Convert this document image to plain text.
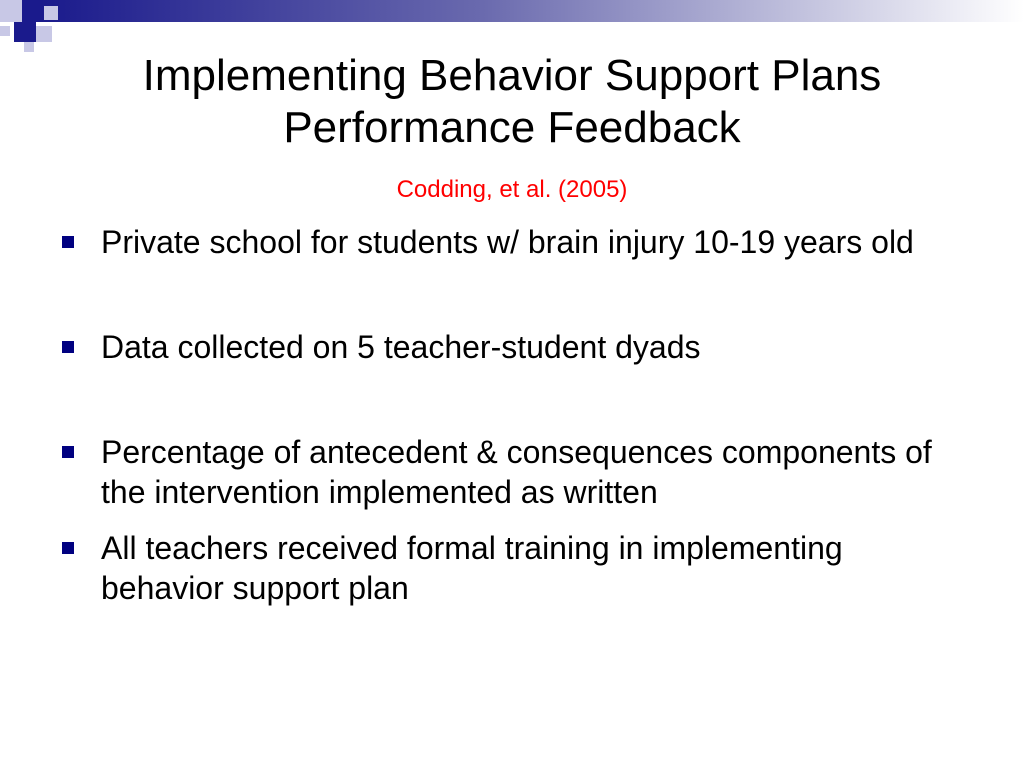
Implementing Behavior Support Plans
Performance Feedback
Codding, et al. (2005)
Private school for students w/ brain injury 10-19 years old
Data collected on 5 teacher-student dyads
Percentage of antecedent & consequences components of the intervention implemented as written
All teachers received formal training in implementing behavior support plan
